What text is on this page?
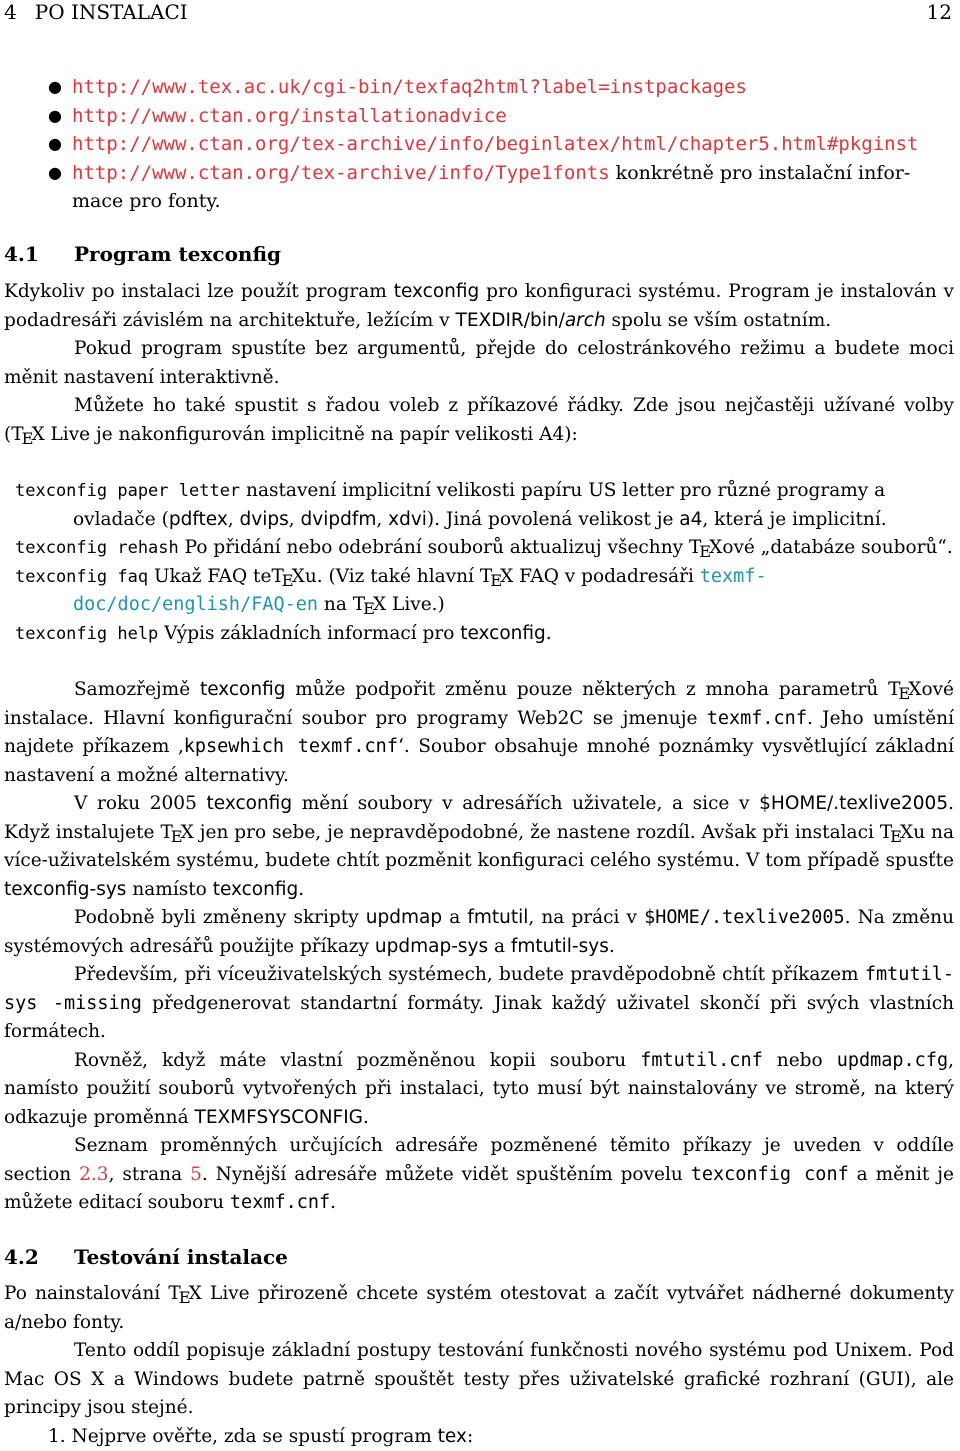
4 PO INSTALACI	12
● http://www.tex.ac.uk/cgi-bin/texfaq2html?label=instpackages
● http://www.ctan.org/installationadvice
● http://www.ctan.org/tex-archive/info/beginlatex/html/chapter5.html#pkginst
● http://www.ctan.org/tex-archive/info/Type1fonts konkrétně pro instalační infor-
mace pro fonty.
4.1 Program texconfig

Kdykoliv po instalaci lze použít program texconfig pro konfiguraci systému. Program je instalován v podadresáři závislém na architektuře, ležícím v TEXDIR/bin/arch spolu se vším ostatním.

Pokud program spustíte bez argumentů, přejde do celostránkového režimu a budete moci měnit nastavení interaktivně.

Můžete ho také spustit s řadou voleb z příkazové řádky. Zde jsou nejčastěji užívané volby (TEX Live je nakonfigurován implicitně na papír velikosti A4):

texconfig paper letter nastavení implicitní velikosti papíru US letter pro různé programy a ovladače (pdftex, dvips, dvipdfm, xdvi). Jiná povolená velikost je a4, která je implicitní.

texconfig rehash Po přidání nebo odebrání souborů aktualizuj všechny TEXové „databáze souborů“.

texconfig faq Ukaž FAQ teTEXu. (Viz také hlavní TEX FAQ v podadresáři texmf-doc/doc/english/FAQ-en na TEX Live.)

texconfig help Výpis základních informací pro texconfig.

Samozřejmě texconfig může podpořit změnu pouze některých z mnoha parametrů TEXové instalace. Hlavní konfigurační soubor pro programy Web2C se jmenuje texmf.cnf. Jeho umístění najdete příkazem ‚kpsewhich texmf.cnf‘. Soubor obsahuje mnohé poznámky vysvětlující základní nastavení a možné alternativy.

V roku 2005 texconfig mění soubory v adresářích uživatele, a sice v $HOME/.texlive2005. Když instalujete TEX jen pro sebe, je nepravděpodobné, že nastene rozdíl. Avšak při instalaci TEXu na více-uživatelském systému, budete chtít pozměnit konfiguraci celého systému. V tom případě spusťte texconfig-sys namísto texconfig.

Podobně byli změneny skripty updmap a fmtutil, na práci v $HOME/.texlive2005. Na změnu systémových adresářů použijte příkazy updmap-sys a fmtutil-sys.

Především, při víceuživatelských systémech, budete pravděpodobně chtít příkazem fmtutil-sys -missing předgenerovat standartní formáty. Jinak každý uživatel skončí při svých vlastních formátech.

Rovněž, když máte vlastní pozměněnou kopii souboru fmtutil.cnf nebo updmap.cfg, namísto použití souborů vytvořených při instalaci, tyto musí být nainstalovány ve stromě, na který odkazuje proměnná TEXMFSYSCONFIG.

Seznam proměnných určujících adresáře pozměnené těmito příkazy je uveden v oddíle section 2.3, strana 5. Nynější adresáře můžete vidět spuštěním povelu texconfig conf a měnit je můžete editací souboru texmf.cnf.

4.2 Testování instalace

Po nainstalování TEX Live přirozeně chcete systém otestovat a začít vytvářet nádherné dokumenty a/nebo fonty.

Tento oddíl popisuje základní postupy testování funkčnosti nového systému pod Unixem. Pod Mac OS X a Windows budete patrně spouštět testy přes uživatelské grafické rozhraní (GUI), ale principy jsou stejné.

1. Nejprve ověřte, zda se spustí program tex:
